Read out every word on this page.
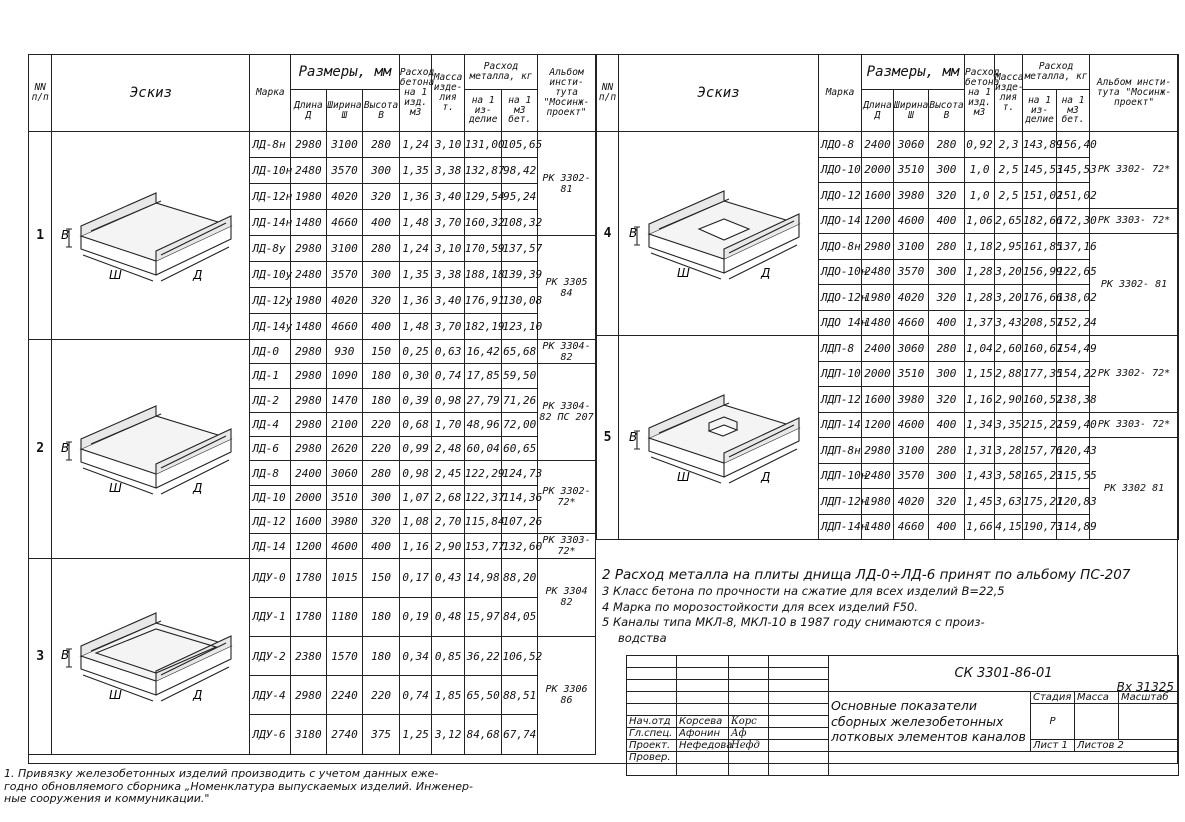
NN п/п	Эскиз	Марка	Размеры, мм			Расход бетона на 1 изд. м3	Масса изде- лия т.	Расход металла, кг		Альбом инсти- тута "Мосинж- проект"
			Длина Д	Ширина Ш	Высота В			на 1 из- делие	на 1 м3 бет.	
1	В
Ш Д	ЛД-8н	2980	3100	280	1,24	3,10	131,00	105,65	РК 3302- 81
		ЛД-10н	2480	3570	300	1,35	3,38	132,87	98,42	
		ЛД-12н	1980	4020	320	1,36	3,40	129,54	95,24	
		ЛД-14н	1480	4660	400	1,48	3,70	160,32	108,32	
		ЛД-8у	2980	3100	280	1,24	3,10	170,59	137,57	РК 3305 84
		ЛД-10у	2480	3570	300	1,35	3,38	188,18	139,39	
		ЛД-12у	1980	4020	320	1,36	3,40	176,91	130,08	
		ЛД-14у	1480	4660	400	1,48	3,70	182,19	123,10	
2	В
Ш Д	ЛД-0	2980	930	150	0,25	0,63	16,42	65,68	РК 3304- 82
		ЛД-1	2980	1090	180	0,30	0,74	17,85	59,50	РК 3304- 82 ПС 207
		ЛД-2	2980	1470	180	0,39	0,98	27,79	71,26	
		ЛД-4	2980	2100	220	0,68	1,70	48,96	72,00	
		ЛД-6	2980	2620	220	0,99	2,48	60,04	60,65	
		ЛД-8	2400	3060	280	0,98	2,45	122,29	124,73	РК 3302- 72*
		ЛД-10	2000	3510	300	1,07	2,68	122,37	114,36	
		ЛД-12	1600	3980	320	1,08	2,70	115,84	107,26	
		ЛД-14	1200	4600	400	1,16	2,90	153,77	132,60	РК 3303- 72*
3	В
Ш Д	ЛДУ-0	1780	1015	150	0,17	0,43	14,98	88,20	РК 3304 82
		ЛДУ-1	1780	1180	180	0,19	0,48	15,97	84,05	
		ЛДУ-2	2380	1570	180	0,34	0,85	36,22	106,52	РК 3306 86
		ЛДУ-4	2980	2240	220	0,74	1,85	65,50	88,51	
		ЛДУ-6	3180	2740	375	1,25	3,12	84,68	67,74	
NN п/п	Эскиз	Марка	Размеры, мм			Расход бетона на 1 изд. м3	Масса изде- лия т.	Расход металла, кг		Альбом инсти- тута "Мосинж- проект"
			Длина Д	Ширина Ш	Высота В			на 1 из- делие	на 1 м3 бет.	
4	В
Ш Д	ЛДО-8	2400	3060	280	0,92	2,3	143,89	156,40	РК 3302- 72*
		ЛДО-10	2000	3510	300	1,0	2,5	145,53	145,53	
		ЛДО-12	1600	3980	320	1,0	2,5	151,02	151,02	
		ЛДО-14	1200	4600	400	1,06	2,65	182,66	172,30	РК 3303- 72*
		ЛДО-8н	2980	3100	280	1,18	2,95	161,85	137,16	РК 3302- 81
		ЛДО-10н	2480	3570	300	1,28	3,20	156,99	122,65	
		ЛДО-12н	1980	4020	320	1,28	3,20	176,66	138,02	
		ЛДО 14н	1480	4660	400	1,37	3,43	208,57	152,24	
5	В
Ш Д	ЛДП-8	2400	3060	280	1,04	2,60	160,67	154,49	РК 3302- 72*
		ЛДП-10	2000	3510	300	1,15	2,88	177,35	154,22	
		ЛДП-12	1600	3980	320	1,16	2,90	160,52	138,38	
		ЛДП-14	1200	4600	400	1,34	3,35	215,22	159,40	РК 3303- 72*
		ЛДП-8н	2980	3100	280	1,31	3,28	157,76	120,43	РК 3302 81
		ЛДП-10н	2480	3570	300	1,43	3,58	165,23	115,55	
		ЛДП-12н	1980	4020	320	1,45	3,63	175,21	120,83	
		ЛДП-14н	1480	4660	400	1,66	4,15	190,73	114,89	
2 Расход металла на плиты днища ЛД-0÷ЛД-6 принят по альбому ПС-207
3 Класс бетона по прочности на сжатие для всех изделий В=22,5
4 Марка по морозостойкости для всех изделий F50.
5 Каналы типа МКЛ-8, МКЛ-10 в 1987 году снимаются с произ-
водства
				СК 3301-86-01
Вх 31325			

				Основные показатели сборных железобетонных лотковых элементов каналов	Стадия	Масса	Масштаб
					Р		
Нач.отд	Корсева	Корс					
Гл.спец.	Афонин	Аф					
Проект.	Нефедова	Нефд			Лист 1	Листов 2	
Провер.							

1. Привязку железобетонных изделий производить с учетом данных еже-
годно обновляемого сборника „Номенклатура выпускаемых изделий. Инженер-
ные сооружения и коммуникации."
